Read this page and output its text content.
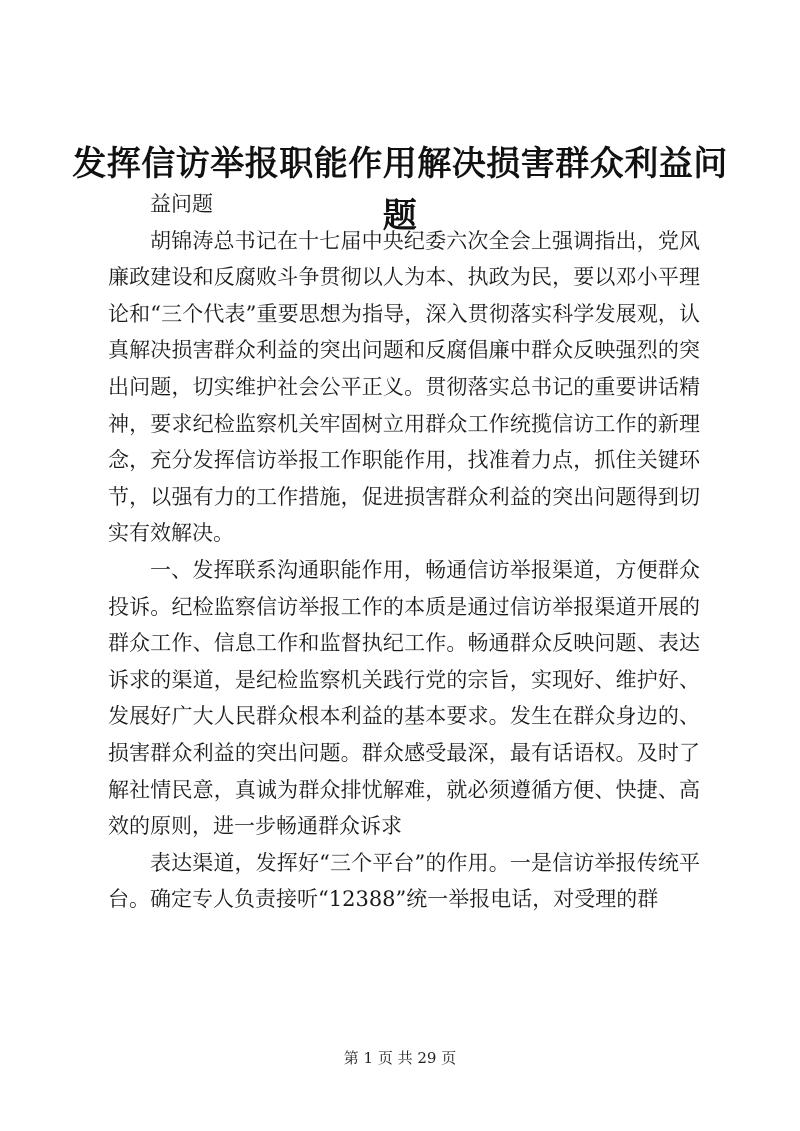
发挥信访举报职能作用解决损害群众利益问题

益问题

胡锦涛总书记在十七届中央纪委六次全会上强调指出，党风廉政建设和反腐败斗争贯彻以人为本、执政为民，要以邓小平理论和“三个代表”重要思想为指导，深入贯彻落实科学发展观，认真解决损害群众利益的突出问题和反腐倡廉中群众反映强烈的突出问题，切实维护社会公平正义。贯彻落实总书记的重要讲话精神，要求纪检监察机关牢固树立用群众工作统揽信访工作的新理念，充分发挥信访举报工作职能作用，找准着力点，抓住关键环节，以强有力的工作措施，促进损害群众利益的突出问题得到切实有效解决。

一、发挥联系沟通职能作用，畅通信访举报渠道，方便群众投诉。纪检监察信访举报工作的本质是通过信访举报渠道开展的群众工作、信息工作和监督执纪工作。畅通群众反映问题、表达诉求的渠道，是纪检监察机关践行党的宗旨，实现好、维护好、发展好广大人民群众根本利益的基本要求。发生在群众身边的、损害群众利益的突出问题。群众感受最深，最有话语权。及时了解社情民意，真诚为群众排忧解难，就必须遵循方便、快捷、高效的原则，进一步畅通群众诉求

表达渠道，发挥好“三个平台”的作用。一是信访举报传统平台。确定专人负责接听“12388”统一举报电话，对受理的群

第 1 页 共 29 页
